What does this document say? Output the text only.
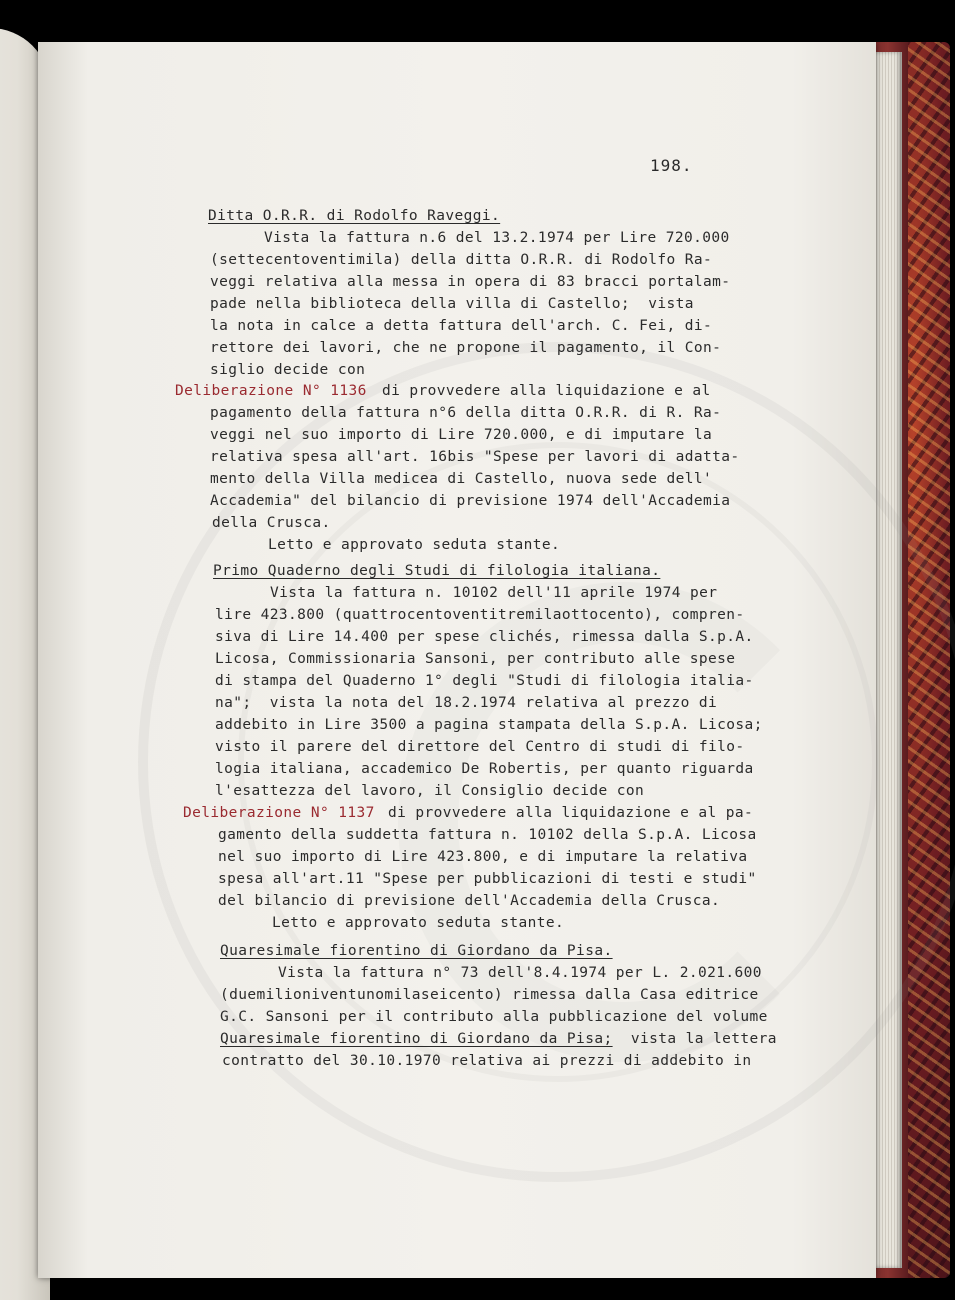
198.
Ditta O.R.R. di Rodolfo Raveggi.
Vista la fattura n.6 del 13.2.1974 per Lire 720.000
(settecentoventimila) della ditta O.R.R. di Rodolfo Ra-
veggi relativa alla messa in opera di 83 bracci portalam-
pade nella biblioteca della villa di Castello;  vista
la nota in calce a detta fattura dell'arch. C. Fei, di-
rettore dei lavori, che ne propone il pagamento, il Con-
siglio decide con
Deliberazione N° 1136 di provvedere alla liquidazione e al
pagamento della fattura n°6 della ditta O.R.R. di R. Ra-
veggi nel suo importo di Lire 720.000, e di imputare la
relativa spesa all'art. 16bis "Spese per lavori di adatta-
mento della Villa medicea di Castello, nuova sede dell'
Accademia" del bilancio di previsione 1974 dell'Accademia
della Crusca.
Letto e approvato seduta stante.
Primo Quaderno degli Studi di filologia italiana.
Vista la fattura n. 10102 dell'11 aprile 1974 per
lire 423.800 (quattrocentoventitremilaottocento), compren-
siva di Lire 14.400 per spese clichés, rimessa dalla S.p.A.
Licosa, Commissionaria Sansoni, per contributo alle spese
di stampa del Quaderno 1° degli "Studi di filologia italia-
na";  vista la nota del 18.2.1974 relativa al prezzo di
addebito in Lire 3500 a pagina stampata della S.p.A. Licosa;
visto il parere del direttore del Centro di studi di filo-
logia italiana, accademico De Robertis, per quanto riguarda
l'esattezza del lavoro, il Consiglio decide con
Deliberazione N° 1137 di provvedere alla liquidazione e al pa-
gamento della suddetta fattura n. 10102 della S.p.A. Licosa
nel suo importo di Lire 423.800, e di imputare la relativa
spesa all'art.11 "Spese per pubblicazioni di testi e studi"
del bilancio di previsione dell'Accademia della Crusca.
Letto e approvato seduta stante.
Quaresimale fiorentino di Giordano da Pisa.
Vista la fattura n° 73 dell'8.4.1974 per L. 2.021.600
(duemilioniventunomilaseicento) rimessa dalla Casa editrice
G.C. Sansoni per il contributo alla pubblicazione del volume
Quaresimale fiorentino di Giordano da Pisa;  vista la lettera
contratto del 30.10.1970 relativa ai prezzi di addebito in
